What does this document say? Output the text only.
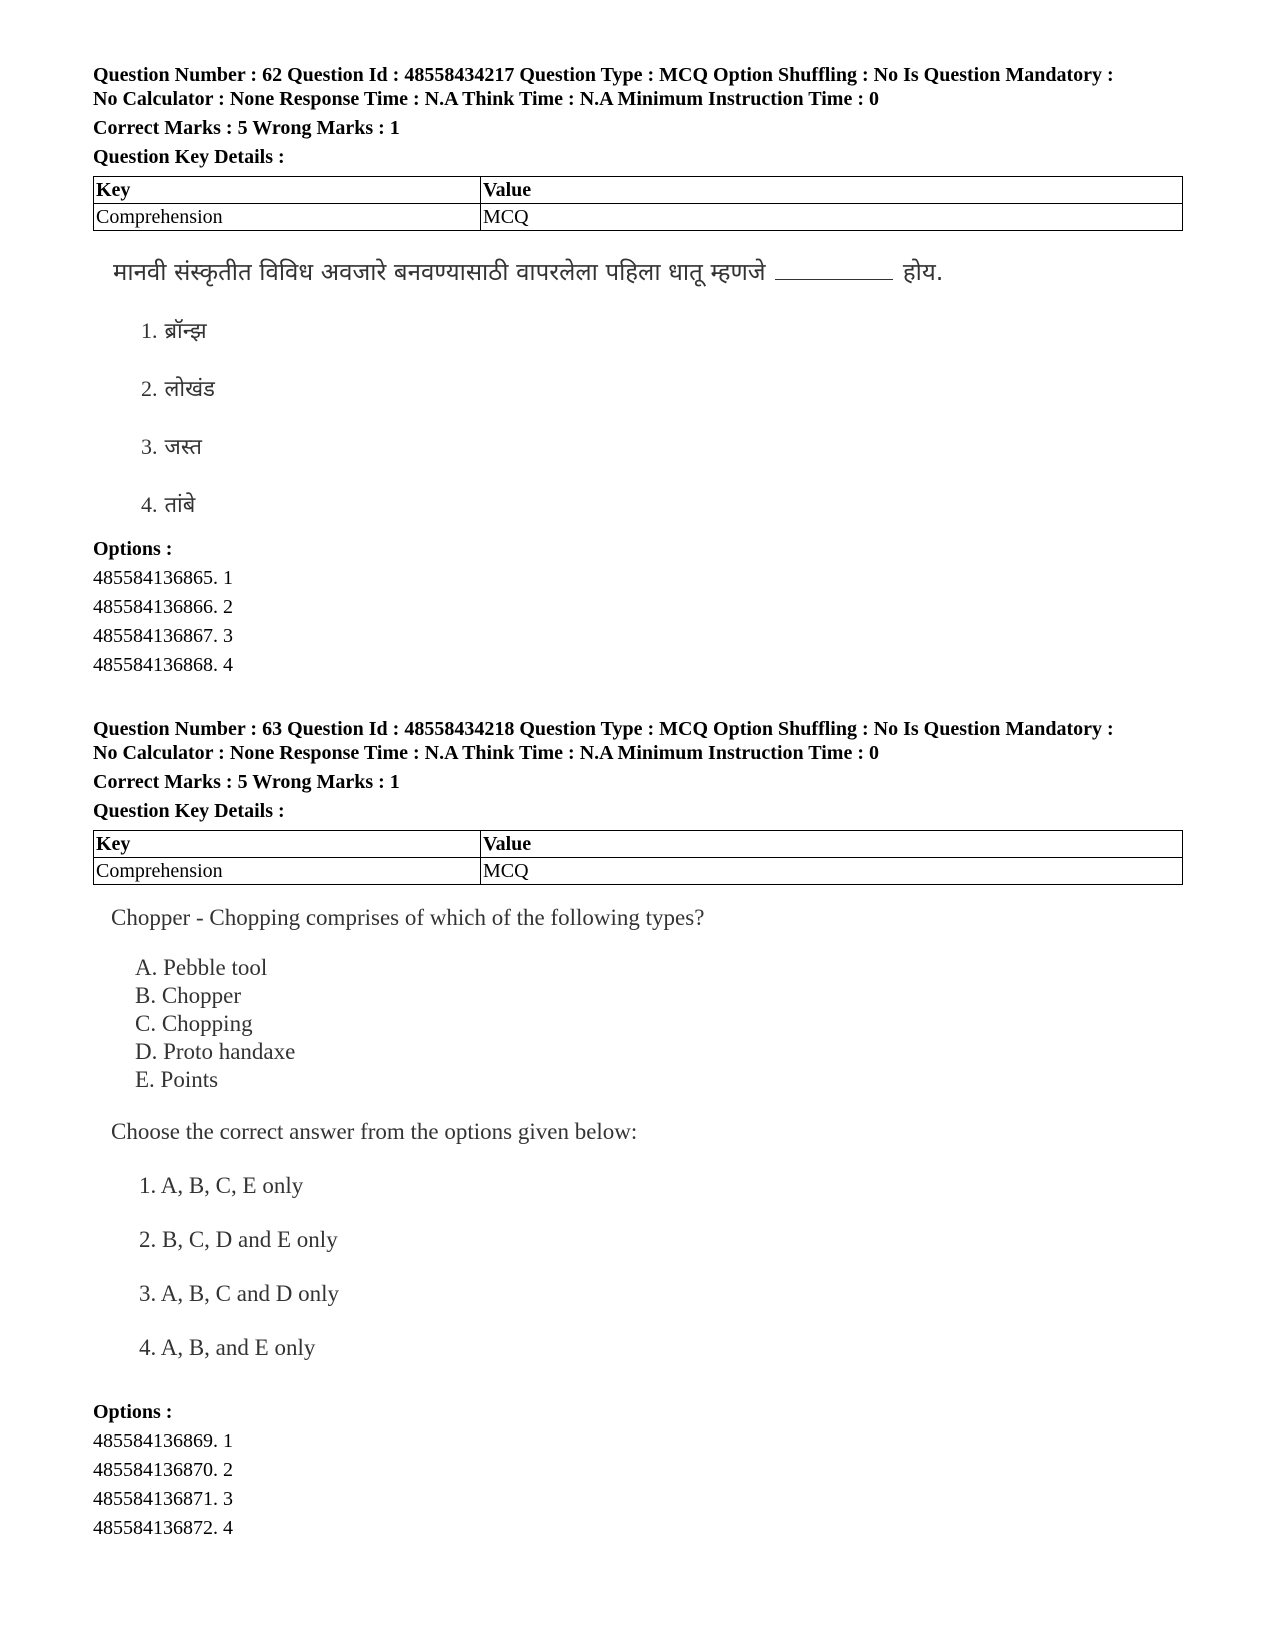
Question Number : 62 Question Id : 48558434217 Question Type : MCQ Option Shuffling : No Is Question Mandatory :
No Calculator : None Response Time : N.A Think Time : N.A Minimum Instruction Time : 0
Correct Marks : 5 Wrong Marks : 1
Question Key Details :
Key	Value
Comprehension	MCQ
मानवी संस्कृतीत विविध अवजारे बनवण्यासाठी वापरलेला पहिला धातू म्हणजे	होय.
1. ब्रॉन्झ
2. लोखंड
3. जस्त
4. तांबे
Options :
485584136865. 1
485584136866. 2
485584136867. 3
485584136868. 4
Question Number : 63 Question Id : 48558434218 Question Type : MCQ Option Shuffling : No Is Question Mandatory :
No Calculator : None Response Time : N.A Think Time : N.A Minimum Instruction Time : 0
Correct Marks : 5 Wrong Marks : 1
Question Key Details :
Key	Value
Comprehension	MCQ
Chopper - Chopping comprises of which of the following types?
A. Pebble tool
B. Chopper
C. Chopping
D. Proto handaxe
E. Points
Choose the correct answer from the options given below:
1. A, B, C, E only
2. B, C, D and E only
3. A, B, C and D only
4. A, B, and E only
Options :
485584136869. 1
485584136870. 2
485584136871. 3
485584136872. 4
